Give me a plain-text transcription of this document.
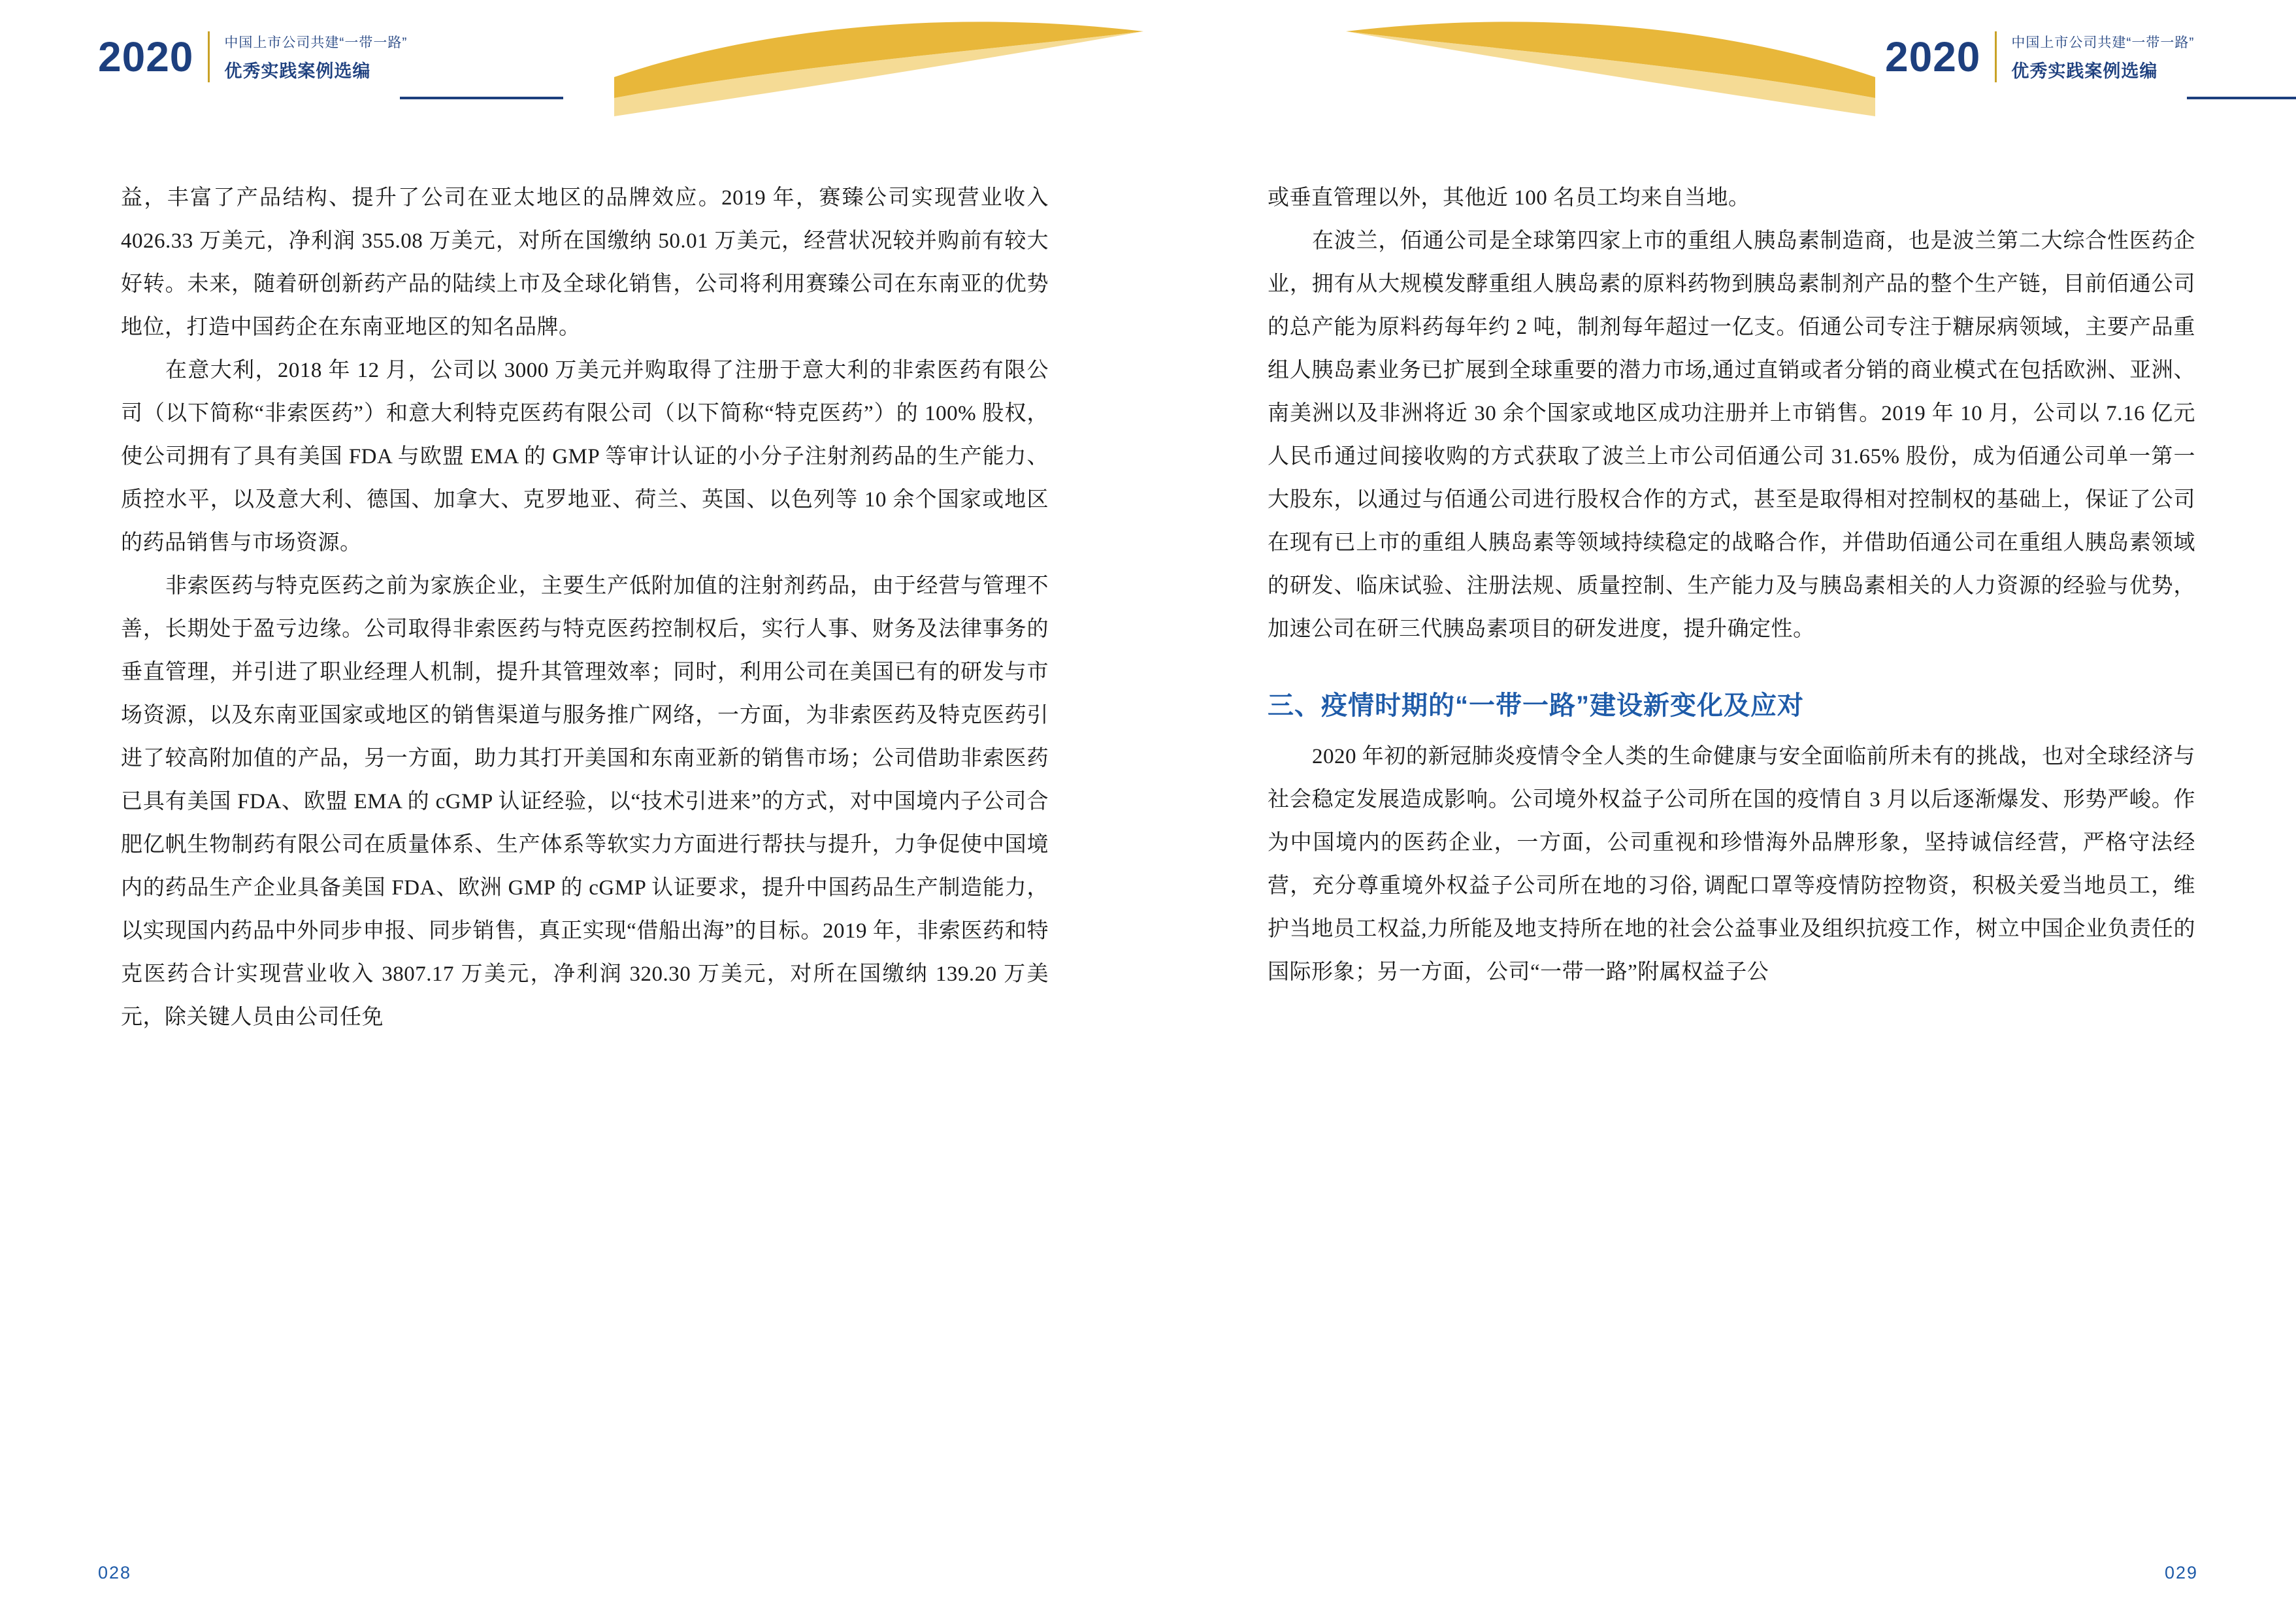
2020 中国上市公司共建“一带一路”
优秀实践案例选编	2020 中国上市公司共建“一带一路”
优秀实践案例选编

益，丰富了产品结构、提升了公司在亚太地区的品牌效应。2019 年，赛臻公司实现营业收入 4026.33 万美元，净利润 355.08 万美元，对所在国缴纳 50.01 万美元，经营状况较并购前有较大好转。未来，随着研创新药产品的陆续上市及全球化销售，公司将利用赛臻公司在东南亚的优势地位，打造中国药企在东南亚地区的知名品牌。

在意大利，2018 年 12 月，公司以 3000 万美元并购取得了注册于意大利的非索医药有限公司（以下简称“非索医药”）和意大利特克医药有限公司（以下简称“特克医药”）的 100% 股权，使公司拥有了具有美国 FDA 与欧盟 EMA 的 GMP 等审计认证的小分子注射剂药品的生产能力、质控水平，以及意大利、德国、加拿大、克罗地亚、荷兰、英国、以色列等 10 余个国家或地区的药品销售与市场资源。

非索医药与特克医药之前为家族企业，主要生产低附加值的注射剂药品，由于经营与管理不善，长期处于盈亏边缘。公司取得非索医药与特克医药控制权后，实行人事、财务及法律事务的垂直管理，并引进了职业经理人机制，提升其管理效率；同时，利用公司在美国已有的研发与市场资源，以及东南亚国家或地区的销售渠道与服务推广网络，一方面，为非索医药及特克医药引进了较高附加值的产品，另一方面，助力其打开美国和东南亚新的销售市场；公司借助非索医药已具有美国 FDA、欧盟 EMA 的 cGMP 认证经验，以“技术引进来”的方式，对中国境内子公司合肥亿帆生物制药有限公司在质量体系、生产体系等软实力方面进行帮扶与提升，力争促使中国境内的药品生产企业具备美国 FDA、欧洲 GMP 的 cGMP 认证要求，提升中国药品生产制造能力，以实现国内药品中外同步申报、同步销售，真正实现“借船出海”的目标。2019 年，非索医药和特克医药合计实现营业收入 3807.17 万美元，净利润 320.30 万美元，对所在国缴纳 139.20 万美元，除关键人员由公司任免

或垂直管理以外，其他近 100 名员工均来自当地。

在波兰，佰通公司是全球第四家上市的重组人胰岛素制造商，也是波兰第二大综合性医药企业，拥有从大规模发酵重组人胰岛素的原料药物到胰岛素制剂产品的整个生产链，目前佰通公司的总产能为原料药每年约 2 吨，制剂每年超过一亿支。佰通公司专注于糖尿病领域，主要产品重组人胰岛素业务已扩展到全球重要的潜力市场,通过直销或者分销的商业模式在包括欧洲、亚洲、南美洲以及非洲将近 30 余个国家或地区成功注册并上市销售。2019 年 10 月，公司以 7.16 亿元人民币通过间接收购的方式获取了波兰上市公司佰通公司 31.65% 股份，成为佰通公司单一第一大股东，以通过与佰通公司进行股权合作的方式，甚至是取得相对控制权的基础上，保证了公司在现有已上市的重组人胰岛素等领域持续稳定的战略合作，并借助佰通公司在重组人胰岛素领域的研发、临床试验、注册法规、质量控制、生产能力及与胰岛素相关的人力资源的经验与优势，加速公司在研三代胰岛素项目的研发进度，提升确定性。

三、疫情时期的“一带一路”建设新变化及应对

2020 年初的新冠肺炎疫情令全人类的生命健康与安全面临前所未有的挑战，也对全球经济与社会稳定发展造成影响。公司境外权益子公司所在国的疫情自 3 月以后逐渐爆发、形势严峻。作为中国境内的医药企业，一方面，公司重视和珍惜海外品牌形象，坚持诚信经营，严格守法经营，充分尊重境外权益子公司所在地的习俗, 调配口罩等疫情防控物资，积极关爱当地员工，维护当地员工权益,力所能及地支持所在地的社会公益事业及组织抗疫工作，树立中国企业负责任的国际形象；另一方面，公司“一带一路”附属权益子公

028	029
